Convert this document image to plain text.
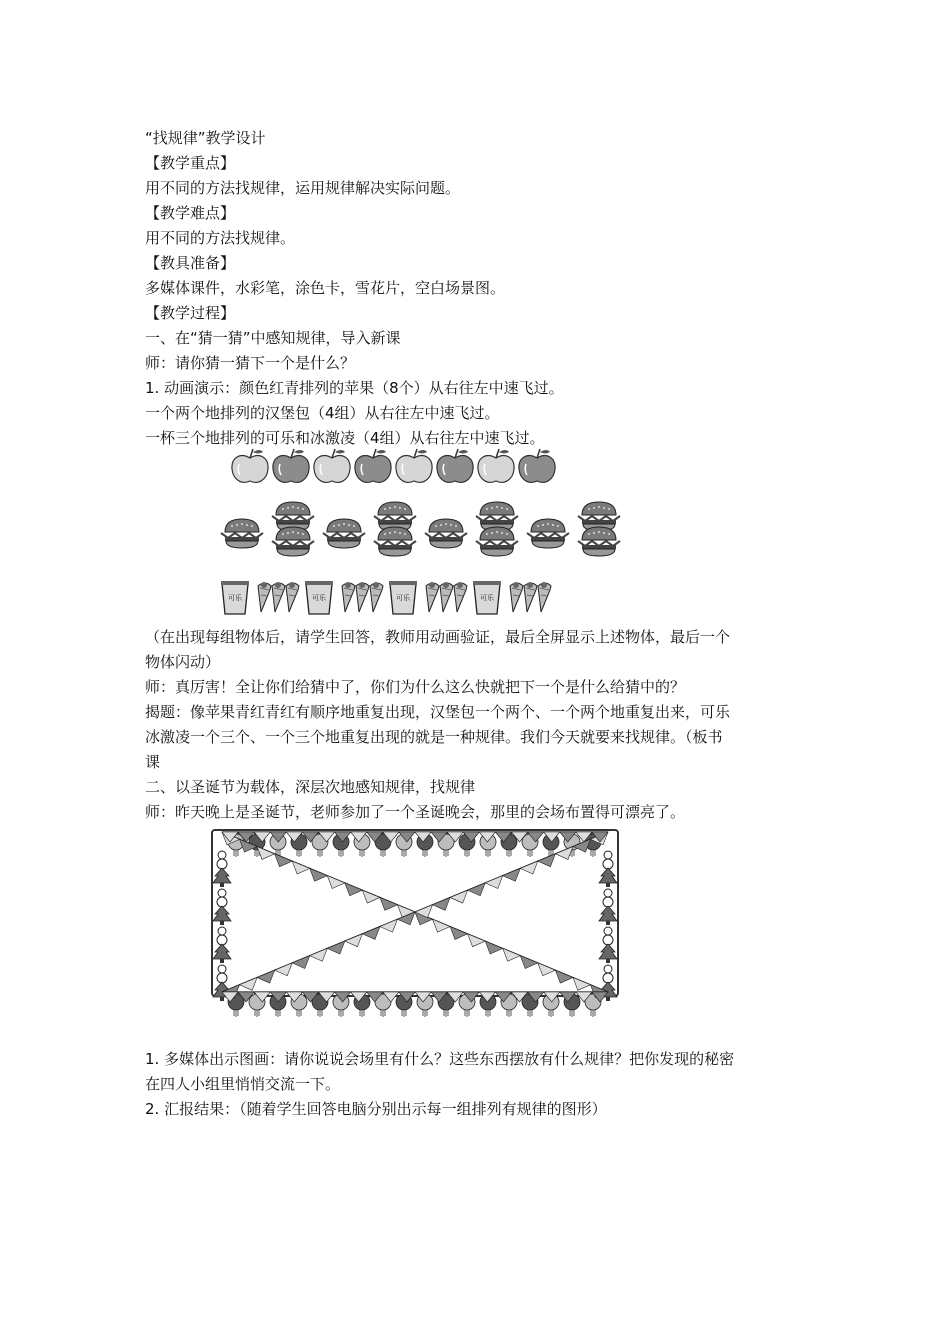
“找规律”教学设计
【教学重点】
用不同的方法找规律，运用规律解决实际问题。
【教学难点】
用不同的方法找规律。
【教具准备】
多媒体课件，水彩笔，涂色卡，雪花片，空白场景图。
【教学过程】
一、在“猜一猜”中感知规律，导入新课
师：请你猜一猜下一个是什么？
1. 动画演示：颜色红青排列的苹果（8个）从右往左中速飞过。
一个两个地排列的汉堡包（4组）从右往左中速飞过。
一杯三个地排列的可乐和冰激凌（4组）从右往左中速飞过。
可乐	可乐	可乐	可乐
（在出现每组物体后，请学生回答，教师用动画验证，最后全屏显示上述物体，最后一个
物体闪动）
师：真厉害！全让你们给猜中了，你们为什么这么快就把下一个是什么给猜中的？
揭题：像苹果青红青红有顺序地重复出现，汉堡包一个两个、一个两个地重复出来，可乐
冰激凌一个三个、一个三个地重复出现的就是一种规律。我们今天就要来找规律。（板书
课
二、以圣诞节为载体，深层次地感知规律，找规律
师：昨天晚上是圣诞节，老师参加了一个圣诞晚会，那里的会场布置得可漂亮了。
1. 多媒体出示图画：请你说说会场里有什么？这些东西摆放有什么规律？把你发现的秘密
在四人小组里悄悄交流一下。
2. 汇报结果：（随着学生回答电脑分别出示每一组排列有规律的图形）
